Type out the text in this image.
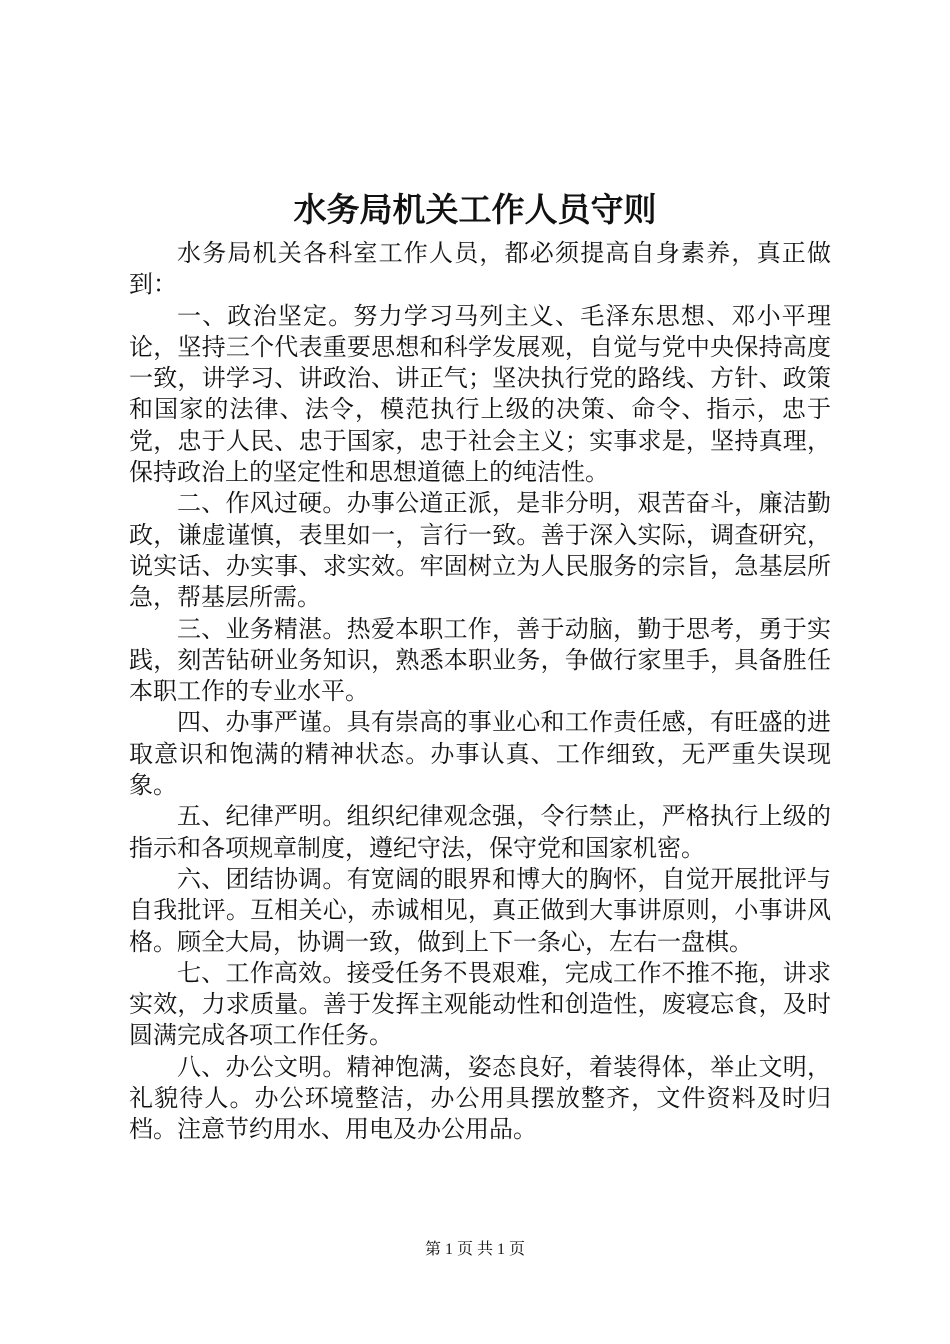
水务局机关工作人员守则

水务局机关各科室工作人员，都必须提高自身素养，真正做到：

一、政治坚定。努力学习马列主义、毛泽东思想、邓小平理论，坚持三个代表重要思想和科学发展观，自觉与党中央保持高度一致，讲学习、讲政治、讲正气；坚决执行党的路线、方针、政策和国家的法律、法令，模范执行上级的决策、命令、指示，忠于党，忠于人民、忠于国家，忠于社会主义；实事求是，坚持真理，保持政治上的坚定性和思想道德上的纯洁性。

二、作风过硬。办事公道正派，是非分明，艰苦奋斗，廉洁勤政，谦虚谨慎，表里如一，言行一致。善于深入实际，调查研究，说实话、办实事、求实效。牢固树立为人民服务的宗旨，急基层所急，帮基层所需。

三、业务精湛。热爱本职工作，善于动脑，勤于思考，勇于实践，刻苦钻研业务知识，熟悉本职业务，争做行家里手，具备胜任本职工作的专业水平。

四、办事严谨。具有崇高的事业心和工作责任感，有旺盛的进取意识和饱满的精神状态。办事认真、工作细致，无严重失误现象。

五、纪律严明。组织纪律观念强，令行禁止，严格执行上级的指示和各项规章制度，遵纪守法，保守党和国家机密。

六、团结协调。有宽阔的眼界和博大的胸怀，自觉开展批评与自我批评。互相关心，赤诚相见，真正做到大事讲原则，小事讲风格。顾全大局，协调一致，做到上下一条心，左右一盘棋。

七、工作高效。接受任务不畏艰难，完成工作不推不拖，讲求实效，力求质量。善于发挥主观能动性和创造性，废寝忘食，及时圆满完成各项工作任务。

八、办公文明。精神饱满，姿态良好，着装得体，举止文明，礼貌待人。办公环境整洁，办公用具摆放整齐，文件资料及时归档。注意节约用水、用电及办公用品。

第 1 页 共 1 页
